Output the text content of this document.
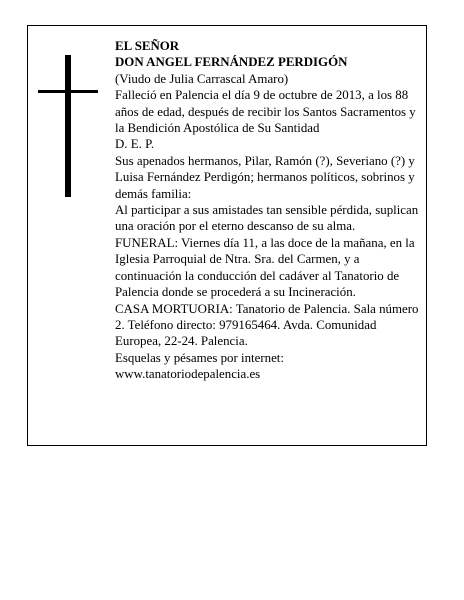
EL SEÑOR

DON ANGEL FERNÁNDEZ PERDIGÓN

(Viudo de Julia Carrascal Amaro)

Falleció en Palencia el día 9 de octubre de 2013, a los 88 años de edad, después de recibir los Santos Sacramentos y la Bendición Apostólica de Su Santidad

D. E. P.

Sus apenados hermanos, Pilar, Ramón (?), Severiano (?) y Luisa Fernández Perdigón; hermanos políticos, sobrinos y demás familia:

Al participar a sus amistades tan sensible pérdida, suplican una oración por el eterno descanso de su alma.

FUNERAL: Viernes día 11, a las doce de la mañana, en la Iglesia Parroquial de Ntra. Sra. del Carmen, y a continuación la conducción del cadáver al Tanatorio de Palencia donde se procederá a su Incineración.

CASA MORTUORIA: Tanatorio de Palencia. Sala número 2. Teléfono directo: 979165464. Avda. Comunidad Europea, 22-24. Palencia.

Esquelas y pésames por internet:

www.tanatoriodepalencia.es
